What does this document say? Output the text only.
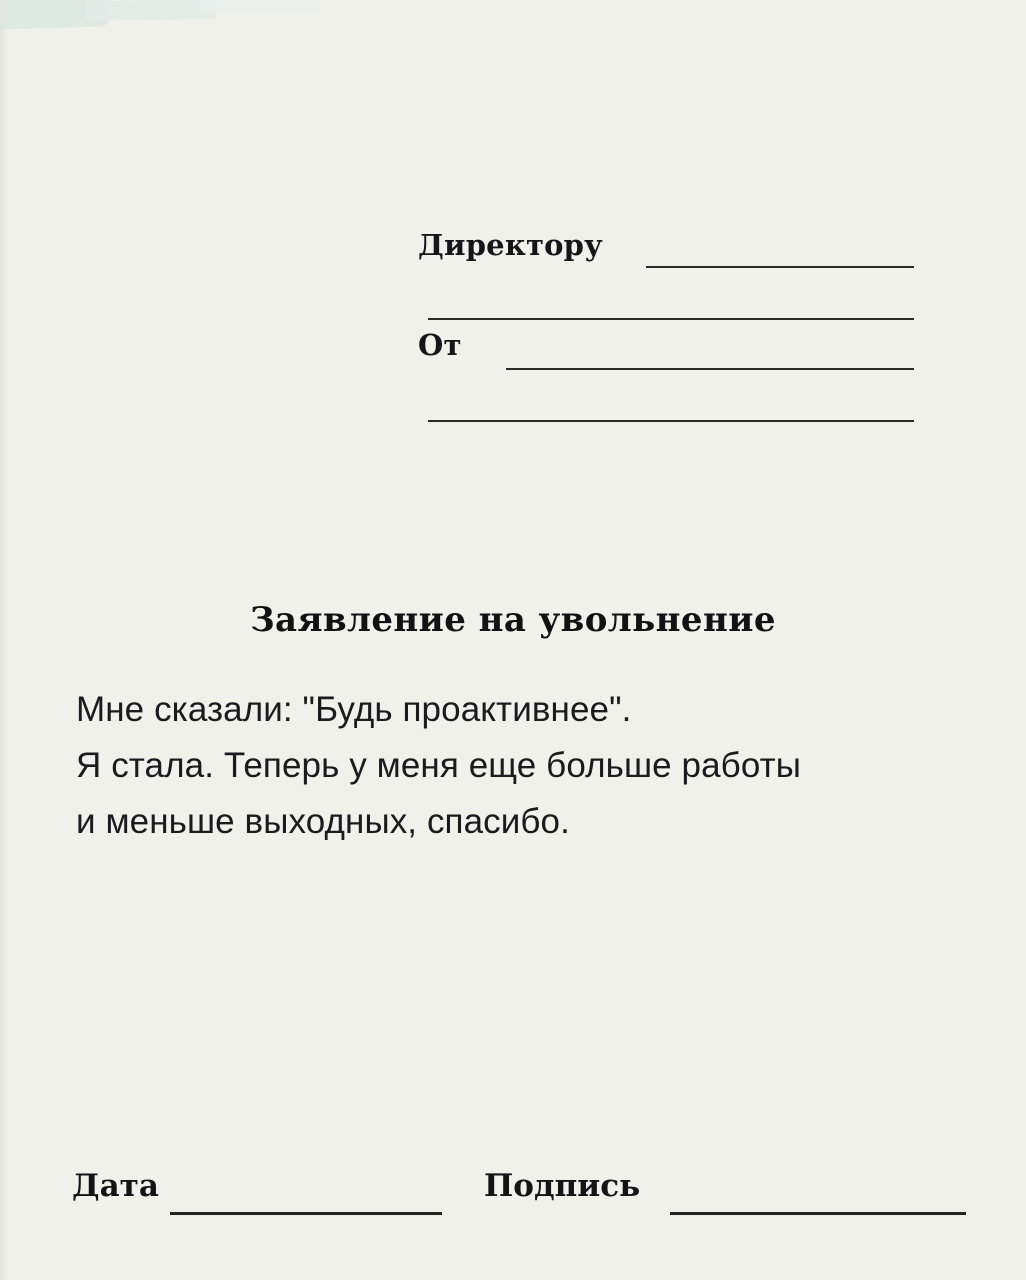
Директору
От
Заявление на увольнение

Мне сказали: "Будь проактивнее".

Я стала. Теперь у меня еще больше работы

и меньше выходных, спасибо.

Дата	Подпись
